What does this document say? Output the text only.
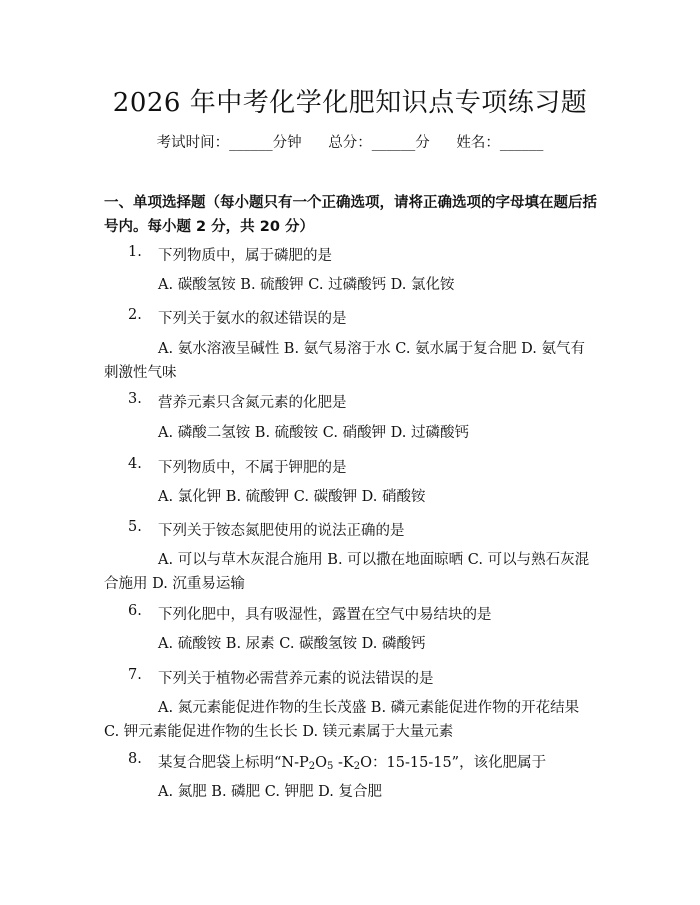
2026 年中考化学化肥知识点专项练习题
考试时间：______分钟 总分：______分 姓名：______
一、单项选择题（每小题只有一个正确选项，请将正确选项的字母填在题后括号内。每小题 2 分，共 20 分）
1. 下列物质中，属于磷肥的是
A. 碳酸氢铵 B. 硫酸钾 C. 过磷酸钙 D. 氯化铵
2. 下列关于氨水的叙述错误的是
A. 氨水溶液呈碱性 B. 氨气易溶于水 C. 氨水属于复合肥 D. 氨气有刺激性气味
3. 营养元素只含氮元素的化肥是
A. 磷酸二氢铵 B. 硫酸铵 C. 硝酸钾 D. 过磷酸钙
4. 下列物质中，不属于钾肥的是
A. 氯化钾 B. 硫酸钾 C. 碳酸钾 D. 硝酸铵
5. 下列关于铵态氮肥使用的说法正确的是
A. 可以与草木灰混合施用 B. 可以撒在地面晾晒 C. 可以与熟石灰混合施用 D. 沉重易运输
6. 下列化肥中，具有吸湿性，露置在空气中易结块的是
A. 硫酸铵 B. 尿素 C. 碳酸氢铵 D. 磷酸钙
7. 下列关于植物必需营养元素的说法错误的是
A. 氮元素能促进作物的生长茂盛 B. 磷元素能促进作物的开花结果 C. 钾元素能促进作物的生长长 D. 镁元素属于大量元素
8. 某复合肥袋上标明“$N-P_2O_5$ $-K_2O$：15-15-15”，该化肥属于
A. 氮肥 B. 磷肥 C. 钾肥 D. 复合肥
